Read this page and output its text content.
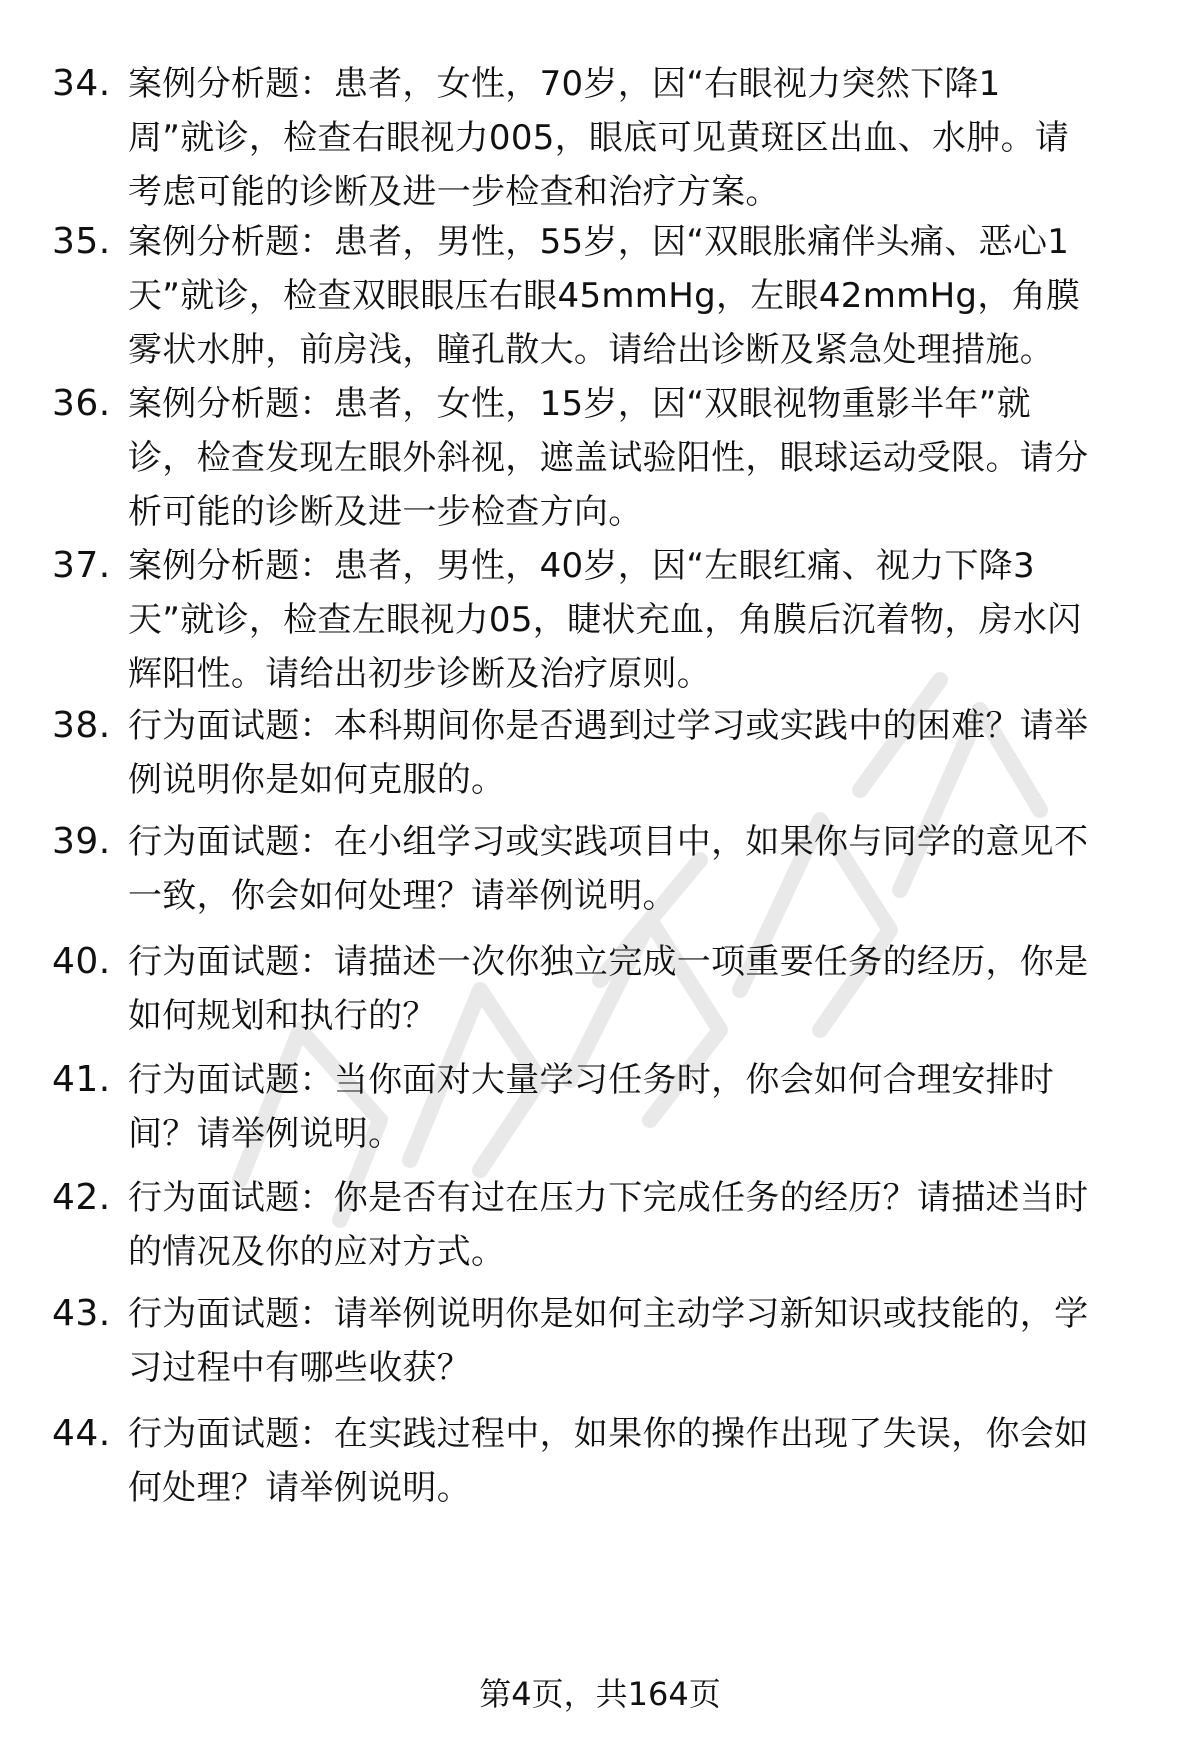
34. 案例分析题：患者，女性，70岁，因“右眼视力突然下降1
周”就诊，检查右眼视力005，眼底可见黄斑区出血、水肿。请
考虑可能的诊断及进一步检查和治疗方案。
35. 案例分析题：患者，男性，55岁，因“双眼胀痛伴头痛、恶心1
天”就诊，检查双眼眼压右眼45mmHg，左眼42mmHg，角膜
雾状水肿，前房浅，瞳孔散大。请给出诊断及紧急处理措施。
36. 案例分析题：患者，女性，15岁，因“双眼视物重影半年”就
诊，检查发现左眼外斜视，遮盖试验阳性，眼球运动受限。请分
析可能的诊断及进一步检查方向。
37. 案例分析题：患者，男性，40岁，因“左眼红痛、视力下降3
天”就诊，检查左眼视力05，睫状充血，角膜后沉着物，房水闪
辉阳性。请给出初步诊断及治疗原则。
38. 行为面试题：本科期间你是否遇到过学习或实践中的困难？请举
例说明你是如何克服的。
39. 行为面试题：在小组学习或实践项目中，如果你与同学的意见不
一致，你会如何处理？请举例说明。
40. 行为面试题：请描述一次你独立完成一项重要任务的经历，你是
如何规划和执行的？
41. 行为面试题：当你面对大量学习任务时，你会如何合理安排时
间？请举例说明。
42. 行为面试题：你是否有过在压力下完成任务的经历？请描述当时
的情况及你的应对方式。
43. 行为面试题：请举例说明你是如何主动学习新知识或技能的，学
习过程中有哪些收获？
44. 行为面试题：在实践过程中，如果你的操作出现了失误，你会如
何处理？请举例说明。
第4页，共164页
